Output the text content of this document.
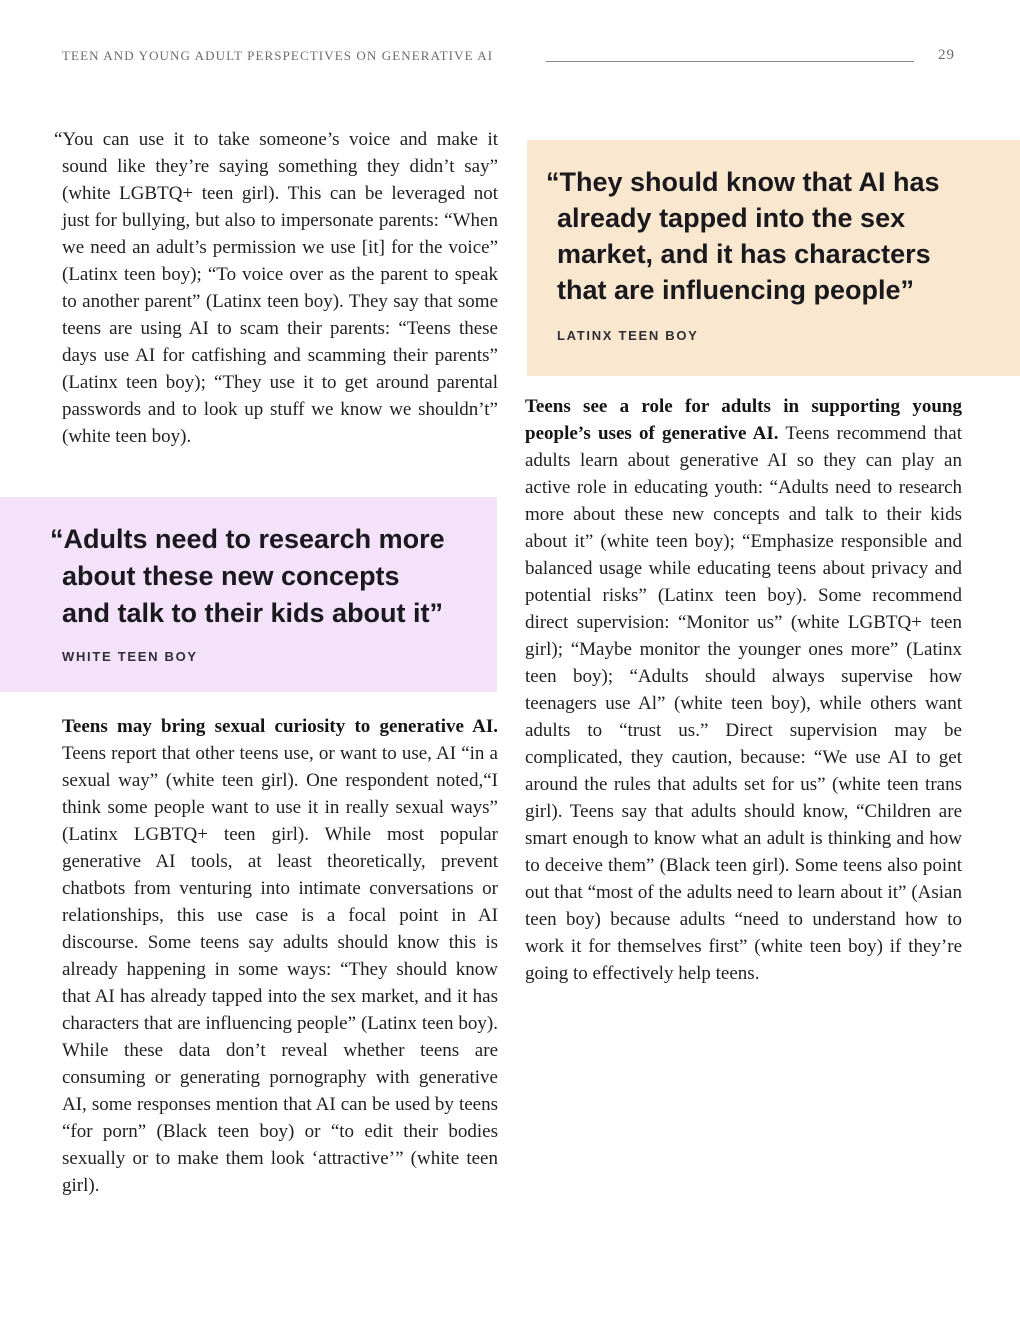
TEEN AND YOUNG ADULT PERSPECTIVES ON GENERATIVE AI	29

“You can use it to take someone’s voice and make it sound like they’re saying something they didn’t say” (white LGBTQ+ teen girl). This can be leveraged not just for bullying, but also to impersonate parents: “When we need an adult’s permission we use [it] for the voice” (Latinx teen boy); “To voice over as the parent to speak to another parent” (Latinx teen boy). They say that some teens are using AI to scam their parents: “Teens these days use AI for catfishing and scamming their parents” (Latinx teen boy); “They use it to get around parental passwords and to look up stuff we know we shouldn’t” (white teen boy).

“Adults need to research more
about these new concepts
and talk to their kids about it”
WHITE TEEN BOY

Teens may bring sexual curiosity to generative AI. Teens report that other teens use, or want to use, AI “in a sexual way” (white teen girl). One respondent noted,“I think some people want to use it in really sexual ways” (Latinx LGBTQ+ teen girl). While most popular generative AI tools, at least theoretically, prevent chatbots from venturing into intimate conversations or relationships, this use case is a focal point in AI discourse. Some teens say adults should know this is already happening in some ways: “They should know that AI has already tapped into the sex market, and it has characters that are influencing people” (Latinx teen boy). While these data don’t reveal whether teens are consuming or generating pornography with generative AI, some responses mention that AI can be used by teens “for porn” (Black teen boy) or “to edit their bodies sexually or to make them look ‘attractive’” (white teen girl).

“They should know that AI has
already tapped into the sex
market, and it has characters
that are influencing people”
LATINX TEEN BOY

Teens see a role for adults in supporting young people’s uses of generative AI. Teens recommend that adults learn about generative AI so they can play an active role in educating youth: “Adults need to research more about these new concepts and talk to their kids about it” (white teen boy); “Emphasize responsible and balanced usage while educating teens about privacy and potential risks” (Latinx teen boy). Some recommend direct supervision: “Monitor us” (white LGBTQ+ teen girl); “Maybe monitor the younger ones more” (Latinx teen boy); “Adults should always supervise how teenagers use Al” (white teen boy), while others want adults to “trust us.” Direct supervision may be complicated, they caution, because: “We use AI to get around the rules that adults set for us” (white teen trans girl). Teens say that adults should know, “Children are smart enough to know what an adult is thinking and how to deceive them” (Black teen girl). Some teens also point out that “most of the adults need to learn about it” (Asian teen boy) because adults “need to understand how to work it for themselves first” (white teen boy) if they’re going to effectively help teens.
